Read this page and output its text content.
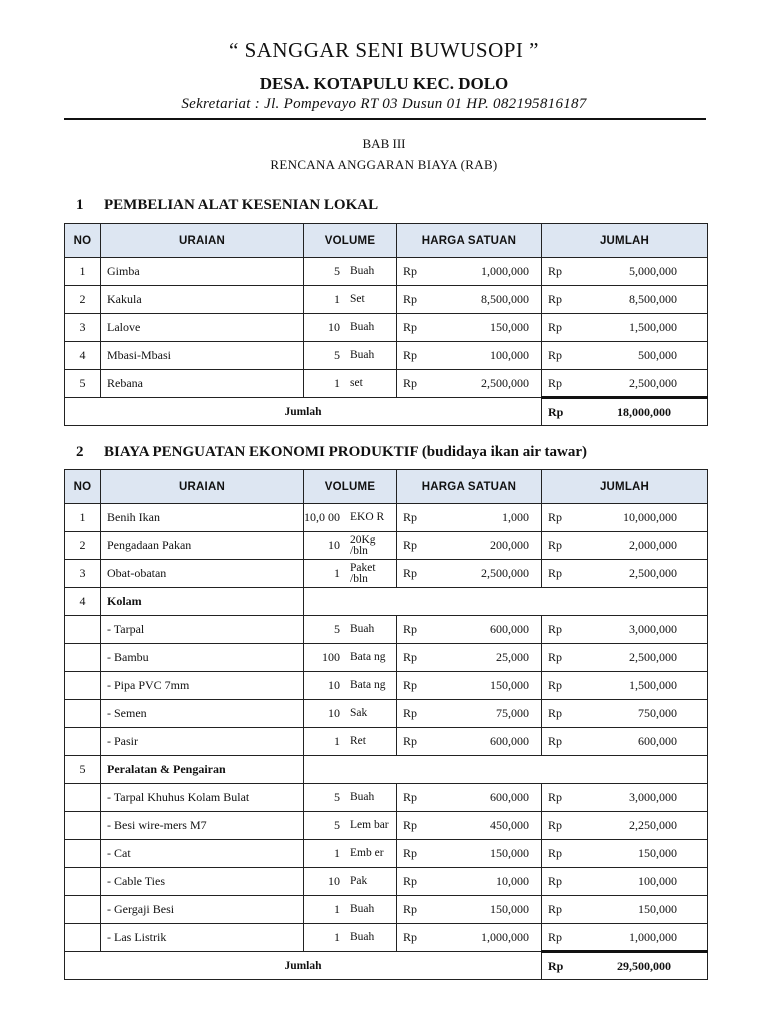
“ SANGGAR SENI BUWUSOPI ”
DESA. KOTAPULU KEC. DOLO
Sekretariat : Jl. Pompevayo RT 03 Dusun 01 HP. 082195816187
BAB III
RENCANA ANGGARAN BIAYA (RAB)
1 PEMBELIAN ALAT KESENIAN LOKAL
NO	URAIAN	VOLUME	HARGA SATUAN	JUMLAH
1	Gimba	5 Buah	Rp 1,000,000	Rp 5,000,000

2	Kakula	1 Set	Rp 8,500,000	Rp 8,500,000

3	Lalove	10 Buah	Rp 150,000	Rp 1,500,000

4	Mbasi-Mbasi	5 Buah	Rp 100,000	Rp 500,000

5	Rebana	1 set	Rp 2,500,000	Rp 2,500,000

Jumlah				Rp 18,000,000
2 BIAYA PENGUATAN EKONOMI PRODUKTIF (budidaya ikan air tawar)
NO	URAIAN	VOLUME	HARGA SATUAN	JUMLAH
1	Benih Ikan	10,0 00 EKO R	Rp 1,000	Rp 10,000,000

2	Pengadaan Pakan	10 20Kg /bln	Rp 200,000	Rp 2,000,000

3	Obat-obatan	1 Paket /bln	Rp 2,500,000	Rp 2,500,000

4	Kolam			
	- Tarpal	5 Buah	Rp 600,000	Rp 3,000,000

	- Bambu	100 Bata ng	Rp 25,000	Rp 2,500,000

	- Pipa PVC 7mm	10 Bata ng	Rp 150,000	Rp 1,500,000

	- Semen	10 Sak	Rp 75,000	Rp 750,000

	- Pasir	1 Ret	Rp 600,000	Rp 600,000

5	Peralatan & Pengairan			
	- Tarpal Khuhus Kolam Bulat	5 Buah	Rp 600,000	Rp 3,000,000

	- Besi wire-mers M7	5 Lem bar	Rp 450,000	Rp 2,250,000

	- Cat	1 Emb er	Rp 150,000	Rp 150,000

	- Cable Ties	10 Pak	Rp 10,000	Rp 100,000

	- Gergaji Besi	1 Buah	Rp 150,000	Rp 150,000

	- Las Listrik	1 Buah	Rp 1,000,000	Rp 1,000,000

Jumlah				Rp 29,500,000
